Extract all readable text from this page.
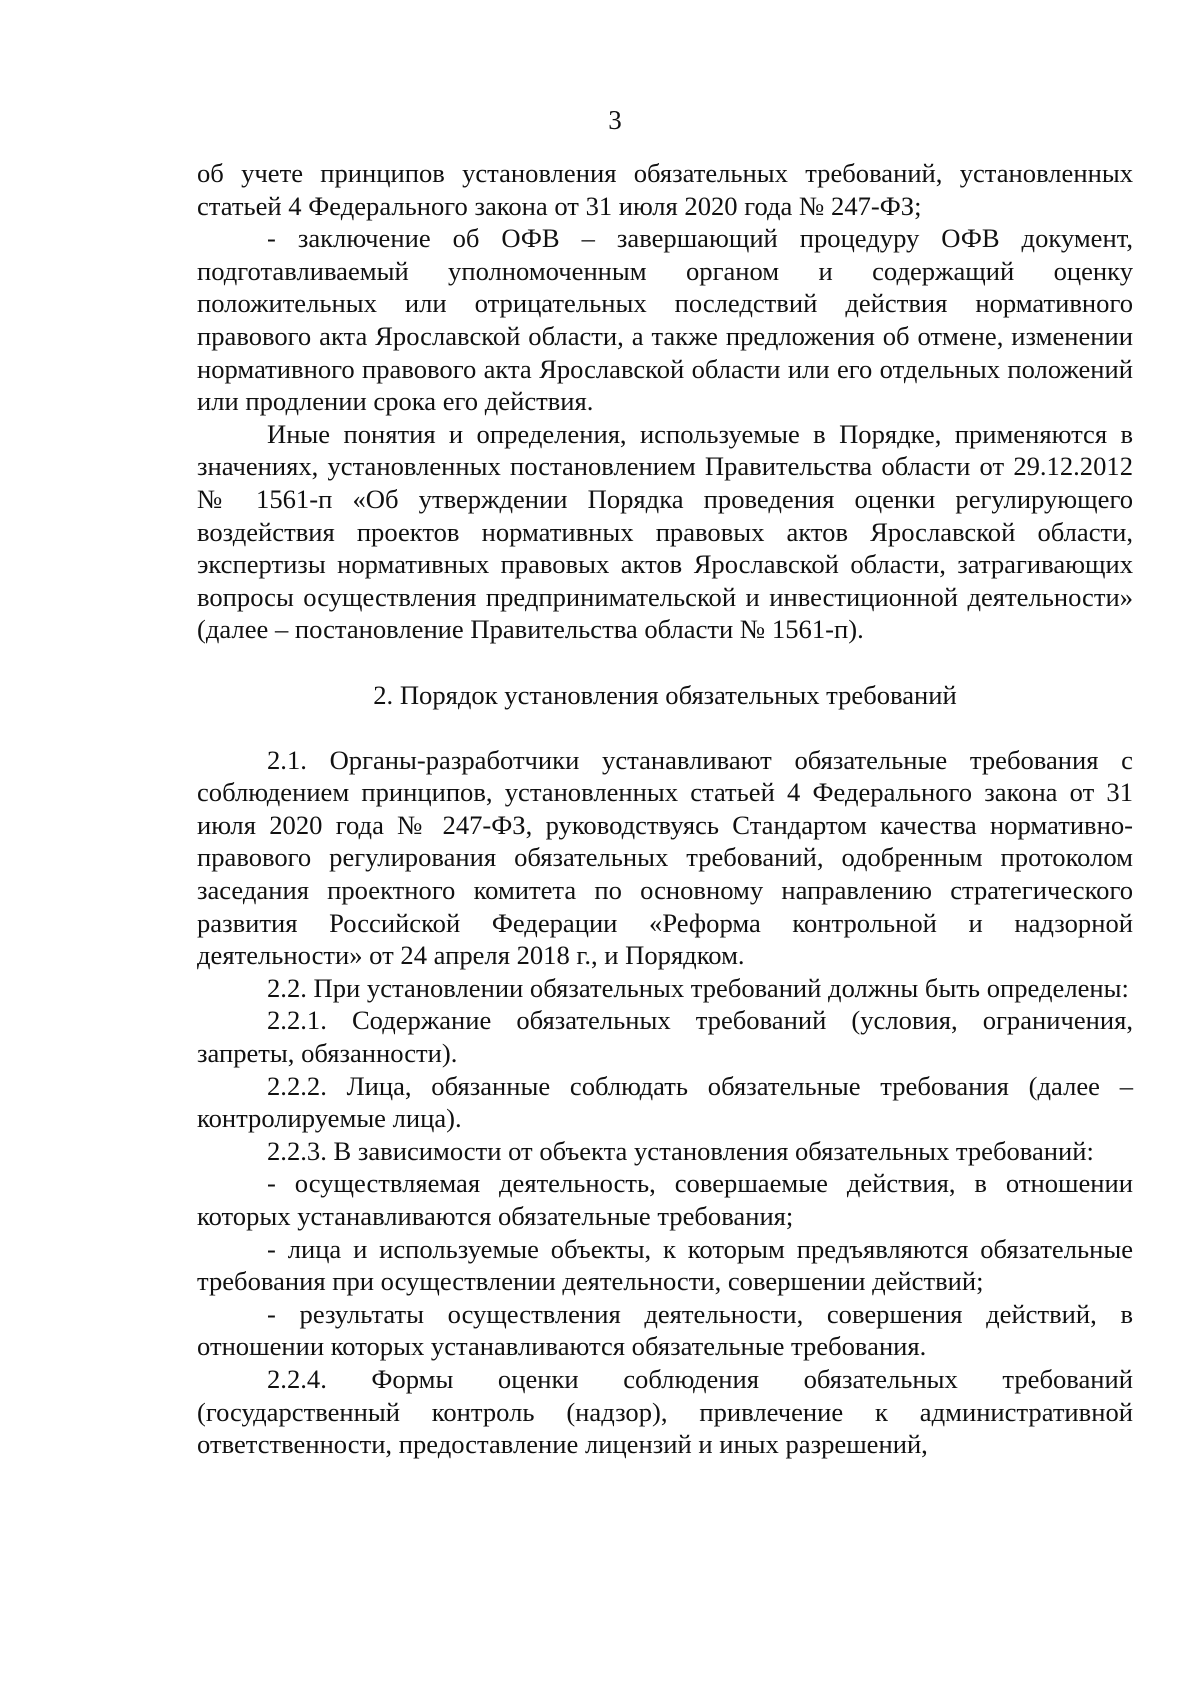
3

об учете принципов установления обязательных требований, установленных статьей 4 Федерального закона от 31 июля 2020 года № 247-ФЗ;

- заключение об ОФВ – завершающий процедуру ОФВ документ, подготавливаемый уполномоченным органом и содержащий оценку положительных или отрицательных последствий действия нормативного правового акта Ярославской области, а также предложения об отмене, изменении нормативного правового акта Ярославской области или его отдельных положений или продлении срока его действия.

Иные понятия и определения, используемые в Порядке, применяются в значениях, установленных постановлением Правительства области от 29.12.2012 № 1561-п «Об утверждении Порядка проведения оценки регулирующего воздействия проектов нормативных правовых актов Ярославской области, экспертизы нормативных правовых актов Ярославской области, затрагивающих вопросы осуществления предпринимательской и инвестиционной деятельности» (далее – постановление Правительства области № 1561-п).

2. Порядок установления обязательных требований

2.1. Органы-разработчики устанавливают обязательные требования с соблюдением принципов, установленных статьей 4 Федерального закона от 31 июля 2020 года № 247-ФЗ, руководствуясь Стандартом качества нормативно-правового регулирования обязательных требований, одобренным протоколом заседания проектного комитета по основному направлению стратегического развития Российской Федерации «Реформа контрольной и надзорной деятельности» от 24 апреля 2018 г., и Порядком.

2.2. При установлении обязательных требований должны быть определены:

2.2.1. Содержание обязательных требований (условия, ограничения, запреты, обязанности).

2.2.2. Лица, обязанные соблюдать обязательные требования (далее – контролируемые лица).

2.2.3. В зависимости от объекта установления обязательных требований:

- осуществляемая деятельность, совершаемые действия, в отношении которых устанавливаются обязательные требования;

- лица и используемые объекты, к которым предъявляются обязательные требования при осуществлении деятельности, совершении действий;

- результаты осуществления деятельности, совершения действий, в отношении которых устанавливаются обязательные требования.

2.2.4. Формы оценки соблюдения обязательных требований (государственный контроль (надзор), привлечение к административной ответственности, предоставление лицензий и иных разрешений,
